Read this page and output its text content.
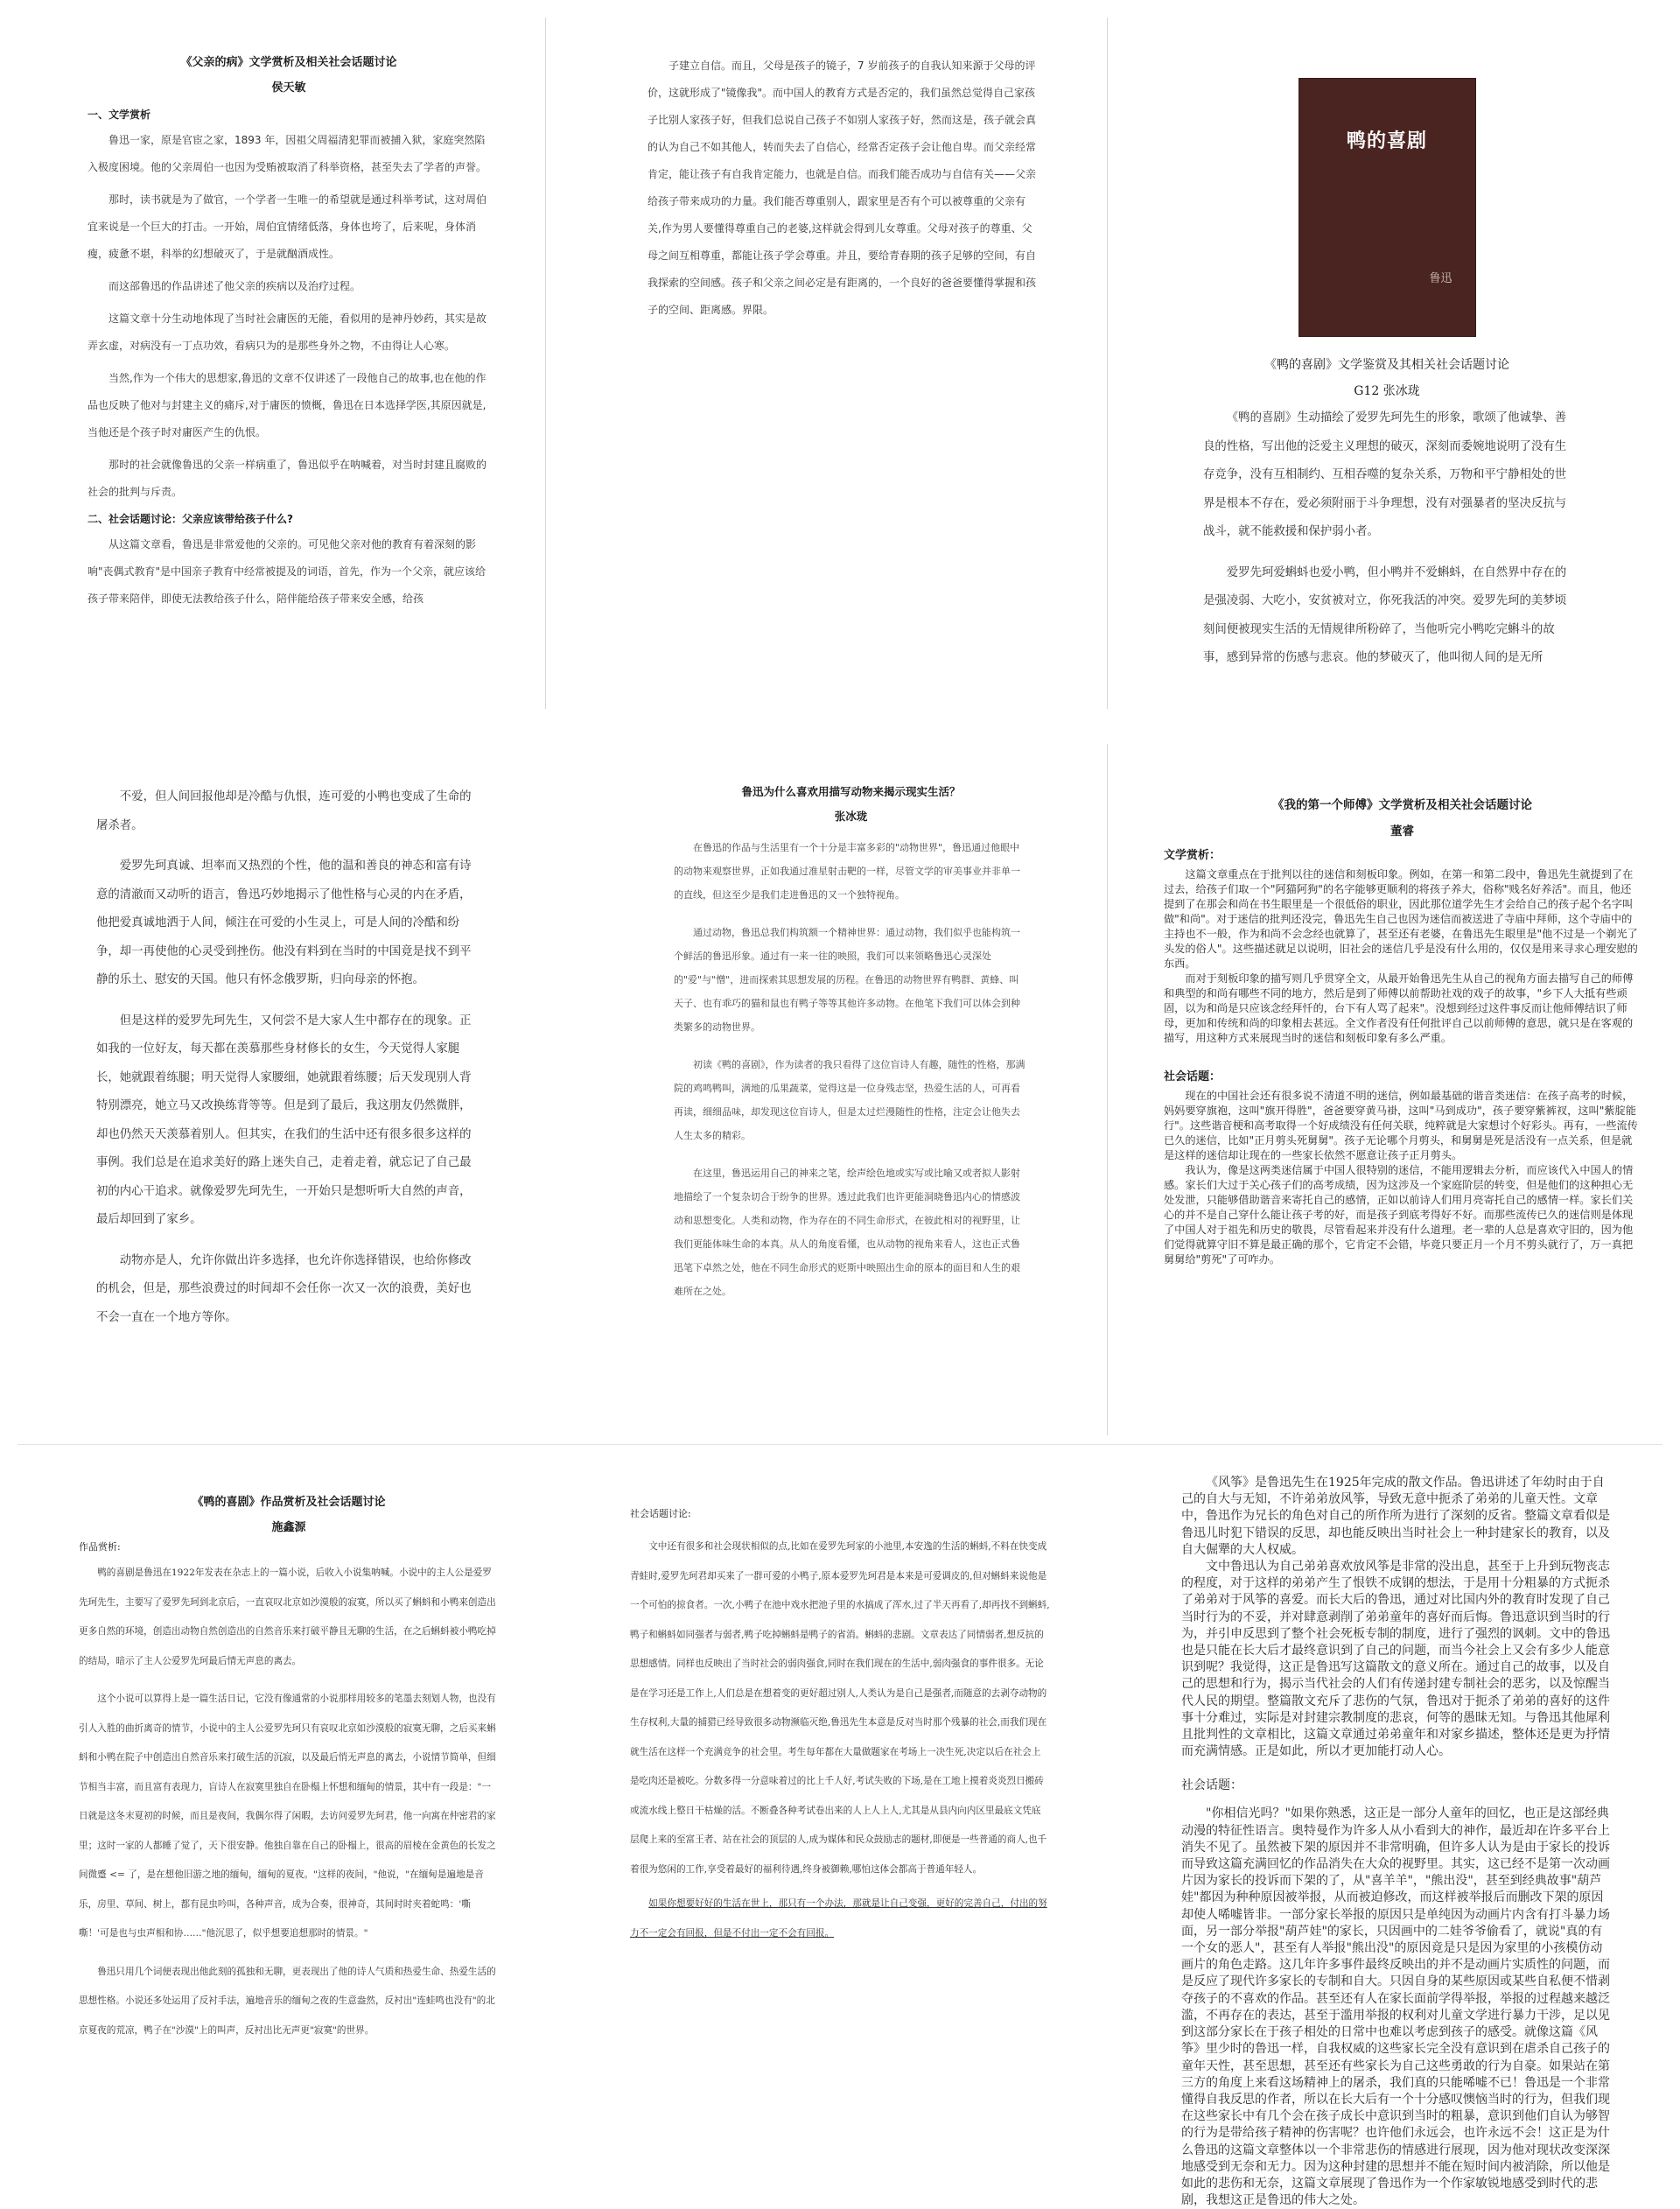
《父亲的病》文学赏析及相关社会话题讨论
侯天敏
一、文学赏析

鲁迅一家，原是官宦之家，1893 年，因祖父周福清犯罪而被捕入狱，家庭突然陷入极度困境。他的父亲周伯一也因为受贿被取消了科举资格，甚至失去了学者的声誉。

那时，读书就是为了做官，一个学者一生唯一的希望就是通过科举考试，这对周伯宜来说是一个巨大的打击。一开始，周伯宜情绪低落，身体也垮了，后来呢，身体消瘦，疲惫不堪，科举的幻想破灭了，于是就酗酒成性。

而这部鲁迅的作品讲述了他父亲的疾病以及治疗过程。

这篇文章十分生动地体现了当时社会庸医的无能，看似用的是神丹妙药，其实是故弄玄虚，对病没有一丁点功效，看病只为的是那些身外之物，不由得让人心寒。

当然,作为一个伟大的思想家,鲁迅的文章不仅讲述了一段他自己的故事,也在他的作品也反映了他对与封建主义的痛斥,对于庸医的愤概，鲁迅在日本选择学医,其原因就是,当他还是个孩子时对庸医产生的仇恨。

那时的社会就像鲁迅的父亲一样病重了，鲁迅似乎在呐喊着，对当时封建且腐败的社会的批判与斥责。

二、社会话题讨论：父亲应该带给孩子什么?

从这篇文章看，鲁迅是非常爱他的父亲的。可见他父亲对他的教育有着深刻的影响"丧偶式教育"是中国亲子教育中经常被提及的词语，首先，作为一个父亲，就应该给孩子带来陪伴，即使无法教给孩子什么，陪伴能给孩子带来安全感，给孩

子建立自信。而且，父母是孩子的镜子，7 岁前孩子的自我认知来源于父母的评价，这就形成了"镜像我"。而中国人的教育方式是否定的，我们虽然总觉得自己家孩子比别人家孩子好，但我们总说自己孩子不如别人家孩子好，然而这是，孩子就会真的认为自己不如其他人，转而失去了自信心，经常否定孩子会让他自卑。而父亲经常肯定，能让孩子有自我肯定能力，也就是自信。而我们能否成功与自信有关——父亲给孩子带来成功的力量。我们能否尊重别人，跟家里是否有个可以被尊重的父亲有关,作为男人要懂得尊重自己的老婆,这样就会得到儿女尊重。父母对孩子的尊重、父母之间互相尊重，都能让孩子学会尊重。并且，要给青春期的孩子足够的空间，有自我探索的空间感。孩子和父亲之间必定是有距离的，一个良好的爸爸要懂得掌握和孩子的空间、距离感。界限。

鸭的喜剧
鲁迅
《鸭的喜剧》文学鉴赏及其相关社会话题讨论
G12 张冰珑

《鸭的喜剧》生动描绘了爱罗先珂先生的形象，歌颂了他诚挚、善良的性格，写出他的泛爱主义理想的破灭，深刻而委婉地说明了没有生存竞争，没有互相制约、互相吞噬的复杂关系，万物和平宁静相处的世界是根本不存在，爱必须附丽于斗争理想，没有对强暴者的坚决反抗与战斗，就不能救援和保护弱小者。

爱罗先珂爱蝌蚪也爱小鸭，但小鸭并不爱蝌蚪，在自然界中存在的是强凌弱、大吃小，安贫被对立，你死我活的冲突。爱罗先珂的美梦顷刻间便被现实生活的无情规律所粉碎了，当他听完小鸭吃完蝌斗的故事，感到异常的伤感与悲哀。他的梦破灭了，他叫彻人间的是无所

不爱，但人间回报他却是冷酷与仇恨，连可爱的小鸭也变成了生命的屠杀者。

爱罗先珂真诚、坦率而又热烈的个性，他的温和善良的神态和富有诗意的清澈而又动听的语言，鲁迅巧妙地揭示了他性格与心灵的内在矛盾，他把爱真诚地洒于人间，倾注在可爱的小生灵上，可是人间的冷酷和纷争，却一再使他的心灵受到挫伤。他没有料到在当时的中国竟是找不到平静的乐土、慰安的天国。他只有怀念俄罗斯，归向母亲的怀抱。

但是这样的爱罗先珂先生，又何尝不是大家人生中都存在的现象。正如我的一位好友，每天都在羡慕那些身材修长的女生，今天觉得人家腿长，她就跟着练腿；明天觉得人家腰细，她就跟着练腰；后天发现别人背特别漂亮，她立马又改换练背等等。但是到了最后，我这朋友仍然微胖，却也仍然天天羡慕着别人。但其实，在我们的生活中还有很多很多这样的事例。我们总是在追求美好的路上迷失自己，走着走着，就忘记了自己最初的内心干追求。就像爱罗先珂先生，一开始只是想听听大自然的声音，最后却回到了家乡。

动物亦是人，允许你做出许多选择，也允许你选择错误，也给你修改的机会，但是，那些浪费过的时间却不会任你一次又一次的浪费，美好也不会一直在一个地方等你。

鲁迅为什么喜欢用描写动物来揭示现实生活？
张冰珑

在鲁迅的作品与生活里有一个十分是丰富多彩的"动物世界"，鲁迅通过他眼中的动物来观察世界，正如我通过准星射击靶的一样，尽管文学的审美事业并非单一的直线，但这至少是我们走进鲁迅的又一个独特视角。

通过动物，鲁迅总我们构筑额一个精神世界：通过动物，我们似乎也能构筑一个鲜活的鲁迅形象。通过有一来一往的映照，我们可以来领略鲁迅心灵深处的"爱"与"憎"，进而探索其思想发展的历程。在鲁迅的动物世界有鸭群、黄蜂、叫天子、也有乖巧的猫和鼠也有鸭子等等其他许多动物。在他笔下我们可以体会到种类繁多的动物世界。

初读《鸭的喜剧》，作为读者的我只看得了这位盲诗人有趣，随性的性格，那满院的鸡鸣鸭叫，满地的瓜果蔬菜，觉得这是一位身残志坚，热爱生活的人，可再看再读，细细品味，却发现这位盲诗人，但是太过烂漫随性的性格，注定会让他失去人生太多的精彩。

在这里，鲁迅运用自己的神来之笔，绘声绘色地或实写或比喻又或者拟人影射地描绘了一个复杂切合于纷争的世界。透过此我们也许更能洞晓鲁迅内心的情感波动和思想变化。人类和动物，作为存在的不同生命形式，在彼此相对的视野里，让我们更能体味生命的本真。从人的角度看懂，也从动物的视角来看人，这也正式鲁迅笔下卓然之处，他在不同生命形式的贬斯中映照出生命的原本的面目和人生的艰难所在之处。

《我的第一个师傅》文学赏析及相关社会话题讨论
董睿
文学赏析：

这篇文章重点在于批判以往的迷信和刻板印象。例如，在第一和第二段中，鲁迅先生就提到了在过去，给孩子们取一个"阿猫阿狗"的名字能够更顺利的将孩子养大，俗称"贱名好养活"。而且，他还提到了在那会和尚在书生眼里是一个很低俗的职业，因此那位道学先生才会给自己的孩子起个名字叫做"和尚"。对于迷信的批判还没完，鲁迅先生自己也因为迷信而被送进了寺庙中拜师，这个寺庙中的主持也不一般，作为和尚不会念经也就算了，甚至还有老婆，在鲁迅先生眼里是"他不过是一个剃光了头发的俗人"。这些描述就足以说明，旧社会的迷信几乎是没有什么用的，仅仅是用来寻求心理安慰的东西。

而对于刻板印象的描写则几乎贯穿全文，从最开始鲁迅先生从自己的视角方面去描写自己的师傅和典型的和尚有哪些不同的地方，然后是到了师傅以前帮助社戏的戏子的故事，"乡下人大抵有些顽固，以为和尚是只应该念经拜忏的，台下有人骂了起来"。没想到经过这件事反而让他师傅结识了师母，更加和传统和尚的印象相去甚远。全文作者没有任何批评自己以前师傅的意思，就只是在客观的描写，用这种方式来展现当时的迷信和刻板印象有多么严重。

社会话题：

现在的中国社会还有很多说不清道不明的迷信，例如最基础的谐音类迷信：在孩子高考的时候，妈妈要穿旗袍，这叫"旗开得胜"，爸爸要穿黄马褂，这叫"马到成功"，孩子要穿紫裤衩，这叫"紫腚能行"。这些谐音梗和高考取得一个好成绩没有任何关联，纯粹就是大家想讨个好彩头。再有，一些流传已久的迷信，比如"正月剪头死舅舅"。孩子无论哪个月剪头，和舅舅是死是活没有一点关系，但是就是这样的迷信却让现在的一些家长依然不愿意让孩子正月剪头。

我认为，像是这两类迷信属于中国人很特别的迷信，不能用逻辑去分析，而应该代入中国人的情感。家长们大过于关心孩子们的高考成绩，因为这涉及一个家庭阶层的转变，但是他们的这种担心无处发泄，只能够借助谐音来寄托自己的感情，正如以前诗人们用月亮寄托自己的感情一样。家长们关心的并不是自己穿什么能让孩子考的好，而是孩子到底考得好不好。而那些流传已久的迷信则是体现了中国人对于祖先和历史的敬畏，尽管看起来并没有什么道理。老一辈的人总是喜欢守旧的，因为他们觉得就算守旧不算是最正确的那个，它肯定不会错，毕竟只要正月一个月不剪头就行了，万一真把舅舅给"剪死"了可咋办。

《鸭的喜剧》作品赏析及社会话题讨论
施鑫源
作品赏析:

鸭的喜剧是鲁迅在1922年发表在杂志上的一篇小说，后收入小说集呐喊。小说中的主人公是爱罗先珂先生，主要写了爱罗先珂到北京后，一直哀叹北京如沙漠般的寂寞，所以买了蝌蚪和小鸭来创造出更多自然的环境，创造出动物自然创造出的自然音乐来打破平静且无聊的生活，在之后蝌蚪被小鸭吃掉的结局，暗示了主人公爱罗先珂最后情无声息的离去。

这个小说可以算得上是一篇生活日记，它没有像通常的小说那样用较多的笔墨去刻划人物，也没有引人入胜的曲折离奇的情节，小说中的主人公爱罗先珂只有哀叹北京如沙漠般的寂寞无聊，之后买来蝌蚪和小鸭在院子中创造出自然音乐来打破生活的沉寂，以及最后悄无声息的离去，小说情节简单，但细节相当丰富，而且富有表现力，盲诗人在寂寞里独自在卧榻上怀想和缅甸的情景，其中有一段是："一日就是这冬末夏初的时候，而且是夜间，我偶尔得了闲暇，去访问爱罗先珂君，他一向寓在仲密君的家里；这时一家的人都睡了觉了，天下很安静。他独自靠在自己的卧榻上，很高的眉棱在金黄色的长发之间微蹙 <= 了，是在想他旧游之地的缅甸，缅甸的夏夜。"这样的夜间，"他说，"在缅甸是遍地是音乐，房里、草间、树上，都有昆虫吟叫，各种声音，成为合奏，很神奇，其间时时夹着蛇鸣：'嘶嘶！'可是也与虫声相和协……"他沉思了，似乎想要追想那时的情景。"

鲁迅只用几个词便表现出他此刻的孤独和无聊，更表现出了他的诗人气质和热爱生命、热爱生活的思想性格。小说还多处运用了反衬手法，遍地音乐的缅甸之夜的生意盎然，反衬出"连蛙鸣也没有"的北京夏夜的荒凉，鸭子在"沙漠"上的叫声，反衬出比无声更"寂寞"的世界。

社会话题讨论:

文中还有很多和社会现状相似的点,比如在爱罗先珂家的小池里,本安逸的生活的蝌蚪,不料在快变成青蛙时,爱罗先珂君却买来了一群可爱的小鸭子,原本爱罗先珂君是本来是可爱调皮的,但对蝌蚪来说他是一个可怕的掠食者。一次,小鸭子在池中戏水把池子里的水搞成了浑水,过了半天再看了,却再找不到蝌蚪,鸭子和蝌蚪如同强者与弱者,鸭子吃掉蝌蚪是鸭子的省消。蝌蚪的悲剧。文章表达了同情弱者,想反抗的思想感情。同样也反映出了当时社会的弱肉强食,同时在我们现在的生活中,弱肉强食的事件很多。无论是在学习还是工作上,人们总是在想着变的更好超过别人,人类认为是自己是强者,而随意的去剥夺动物的生存权利,大量的捕猎已经导致很多动物濒临灭绝,鲁迅先生本意是反对当时那个残暴的社会,而我们现在就生活在这样一个充满竞争的社会里。考生每年都在大量做题家在考场上一决生死,决定以后在社会上是吃肉还是被吃。分数多得一分意味着过的比上千人好,考试失败的下场,是在工地上摸着炎炎烈日搬砖或流水线上整日干枯燥的活。不断叠各种考试卷出来的人上人上人,尤其是从县内向内区里最底文凭底层爬上来的至富王者、站在社会的顶层的人,成为媒体和民众鼓励志的题材,即便是一些普通的商人,也千着很为悠闲的工作,享受着最好的福利待遇,终身被御赖,哪怕这体会都高于普通年轻人。

如果你想要好好的生活在世上，那只有一个办法，那就是让自己变强，更好的完善自己，付出的努力不一定会有回报，但是不付出一定不会有回报。

《风筝》是鲁迅先生在1925年完成的散文作品。鲁迅讲述了年幼时由于自己的自大与无知，不许弟弟放风筝，导致无意中扼杀了弟弟的儿童天性。文章中，鲁迅作为兄长的角色对自己的所作所为进行了深刻的反省。整篇文章看似是鲁迅儿时犯下错误的反思，却也能反映出当时社会上一种封建家长的教育，以及自大倔犟的大人权威。

文中鲁迅认为自己弟弟喜欢放风筝是非常的没出息，甚至于上升到玩物丧志的程度，对于这样的弟弟产生了恨铁不成钢的想法，于是用十分粗暴的方式扼杀了弟弟对于风筝的喜爱。而长大后的鲁迅，通过对比国内外的教育时发现了自己当时行为的不妥，并对肆意剥削了弟弟童年的喜好而后悔。鲁迅意识到当时的行为，并引申反思到了整个社会死板专制的制度，进行了强烈的讽刺。文中的鲁迅也是只能在长大后才最终意识到了自己的问题，而当今社会上又会有多少人能意识到呢？我觉得，这正是鲁迅写这篇散文的意义所在。通过自己的故事，以及自己的思想和行为，揭示当代社会的人们有传递封建专制社会的恶劣，以及惊醒当代人民的期望。整篇散文充斥了悲伤的气氛，鲁迅对于扼杀了弟弟的喜好的这件事十分难过，实际是对封建宗教制度的悲哀，何等的愚昧无知。与鲁迅其他犀利且批判性的文章相比，这篇文章通过弟弟童年和对家乡描述，整体还是更为抒情而充满情感。正是如此，所以才更加能打动人心。

社会话题：

"你相信光吗？"如果你熟悉，这正是一部分人童年的回忆，也正是这部经典动漫的特征性语言。奥特曼作为许多人从小看到大的神作，最近却在许多平台上消失不见了。虽然被下架的原因并不非常明确，但许多人认为是由于家长的投诉而导致这篇充满回忆的作品消失在大众的视野里。其实，这已经不是第一次动画片因为家长的投诉而下架的了，从"喜羊羊"，"熊出没"，甚至到经典故事"葫芦娃"都因为种种原因被举报，从而被迫修改，而这样被举报后而删改下架的原因却使人唏嘘皆非。一部分家长举报的原因只是单纯因为动画片内含有打斗暴力场面，另一部分举报"葫芦娃"的家长，只因画中的二娃爷爷偷看了，就说"真的有一个女的恶人"，甚至有人举报"熊出没"的原因竟是只是因为家里的小孩模仿动画片的角色走路。这几年许多事件最终反映出的并不是动画片实质性的问题，而是反应了现代许多家长的专制和自大。只因自身的某些原因或某些自私便不惜剥夺孩子的不喜欢的作品。甚至还有人在家长面前学得举报，举报的过程越来越泛滥，不再存在的表达，甚至于滥用举报的权利对儿童文学进行暴力干涉，足以见到这部分家长在于孩子相处的日常中也难以考虑到孩子的感受。就像这篇《风筝》里少时的鲁迅一样，自我权威的这些家长完全没有意识到在虐杀自己孩子的童年天性，甚至思想，甚至还有些家长为自己这些勇敢的行为自豪。如果站在第三方的角度上来看这场精神上的屠杀，我们真的只能唏嘘不已！鲁迅是一个非常懂得自我反思的作者，所以在长大后有一个十分感叹懊恼当时的行为，但我们现在这些家长中有几个会在孩子成长中意识到当时的粗暴，意识到他们自认为够智的行为是带给孩子精神的伤害呢？也许他们永远会，也许永远不会！这正是为什么鲁迅的这篇文章整体以一个非常悲伤的情感进行展现，因为他对现状改变深深地感受到无奈和无力。因为这种封建的思想并不能在短时间内被消除，所以他是如此的悲伤和无奈，这篇文章展现了鲁迅作为一个作家敏锐地感受到时代的悲剧，我想这正是鲁迅的伟大之处。
